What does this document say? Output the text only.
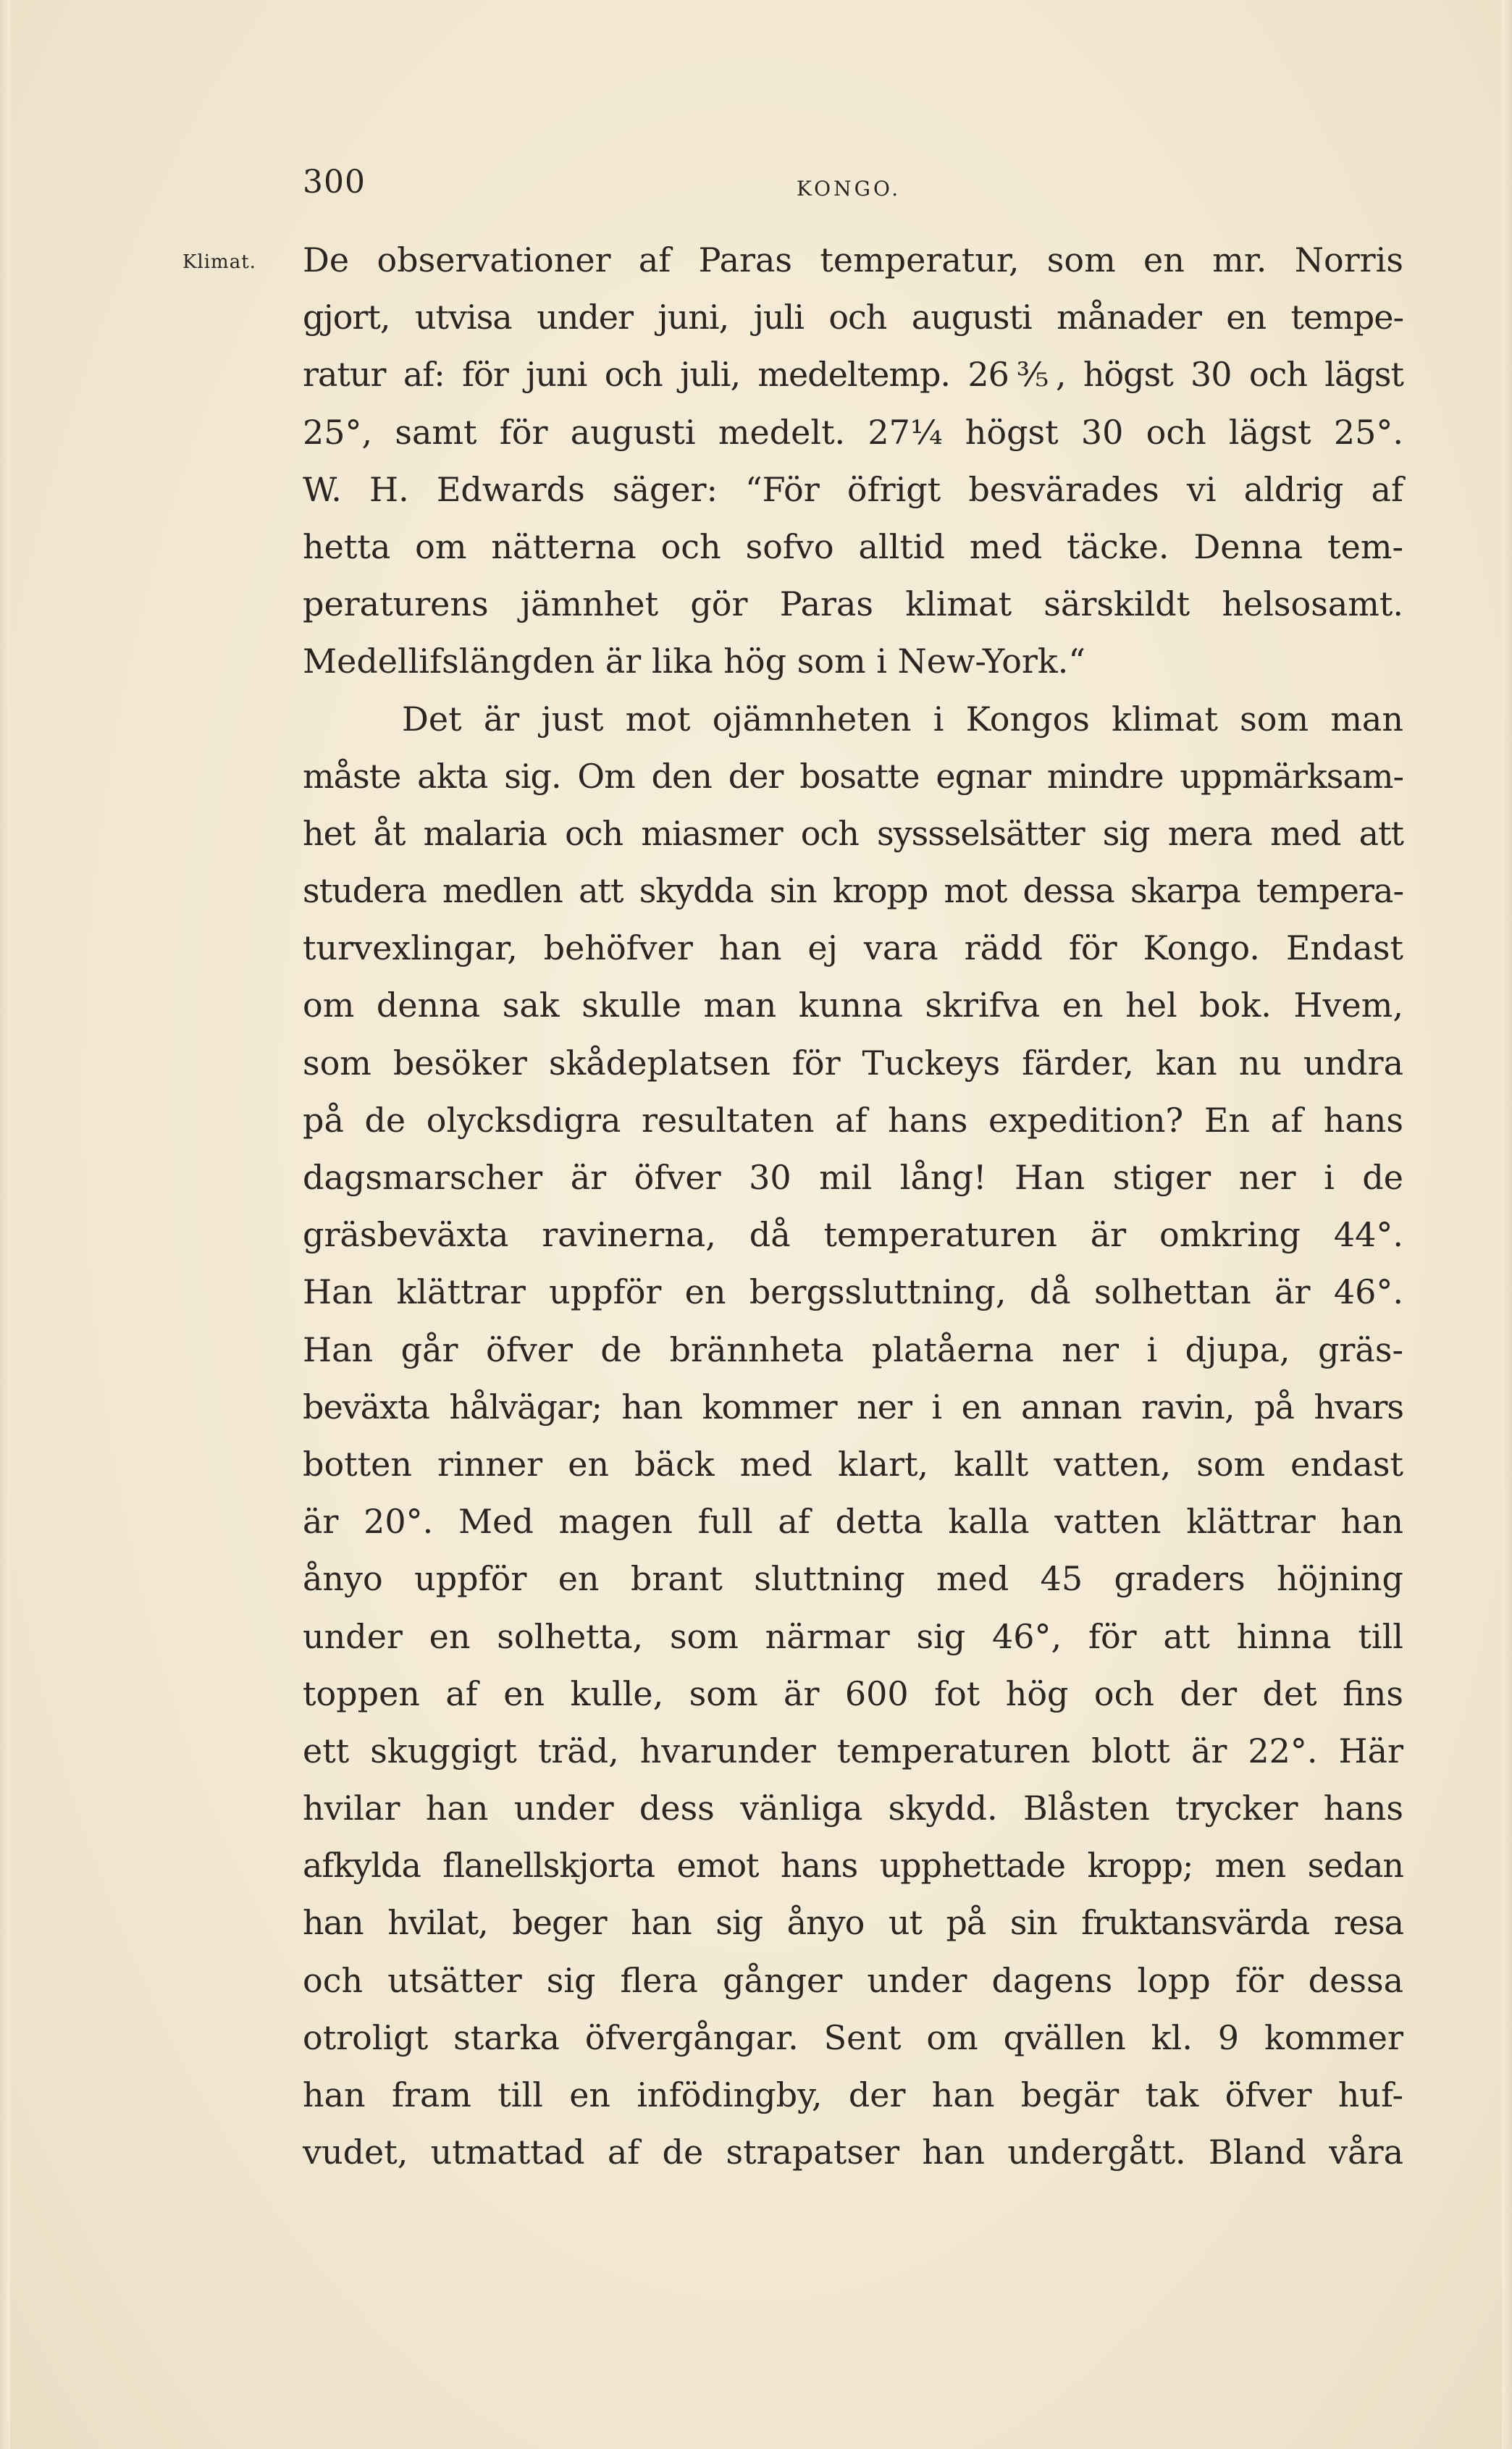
300	KONGO.
Klimat. De observationer af Paras temperatur, som en mr. Norris
gjort, utvisa under juni, juli och augusti månader en tempe-
ratur af: för juni och juli, medeltemp. 26⅗, högst 30 och lägst
25°, samt för augusti medelt. 27¼ högst 30 och lägst 25°.
W. H. Edwards säger: “För öfrigt besvärades vi aldrig af
hetta om nätterna och sofvo alltid med täcke. Denna tem-
peraturens jämnhet gör Paras klimat särskildt helsosamt.
Medellifslängden är lika hög som i New-York.“
Det är just mot ojämnheten i Kongos klimat som man
måste akta sig. Om den der bosatte egnar mindre uppmärksam-
het åt malaria och miasmer och syssselsätter sig mera med att
studera medlen att skydda sin kropp mot dessa skarpa tempera-
turvexlingar, behöfver han ej vara rädd för Kongo. Endast
om denna sak skulle man kunna skrifva en hel bok. Hvem,
som besöker skådeplatsen för Tuckeys färder, kan nu undra
på de olycksdigra resultaten af hans expedition? En af hans
dagsmarscher är öfver 30 mil lång! Han stiger ner i de
gräsbeväxta ravinerna, då temperaturen är omkring 44°.
Han klättrar uppför en bergssluttning, då solhettan är 46°.
Han går öfver de brännheta platåerna ner i djupa, gräs-
beväxta hålvägar; han kommer ner i en annan ravin, på hvars
botten rinner en bäck med klart, kallt vatten, som endast
är 20°. Med magen full af detta kalla vatten klättrar han
ånyo uppför en brant sluttning med 45 graders höjning
under en solhetta, som närmar sig 46°, för att hinna till
toppen af en kulle, som är 600 fot hög och der det fins
ett skuggigt träd, hvarunder temperaturen blott är 22°. Här
hvilar han under dess vänliga skydd. Blåsten trycker hans
afkylda flanellskjorta emot hans upphettade kropp; men sedan
han hvilat, beger han sig ånyo ut på sin fruktansvärda resa
och utsätter sig flera gånger under dagens lopp för dessa
otroligt starka öfvergångar. Sent om qvällen kl. 9 kommer
han fram till en infödingby, der han begär tak öfver huf-
vudet, utmattad af de strapatser han undergått. Bland våra
